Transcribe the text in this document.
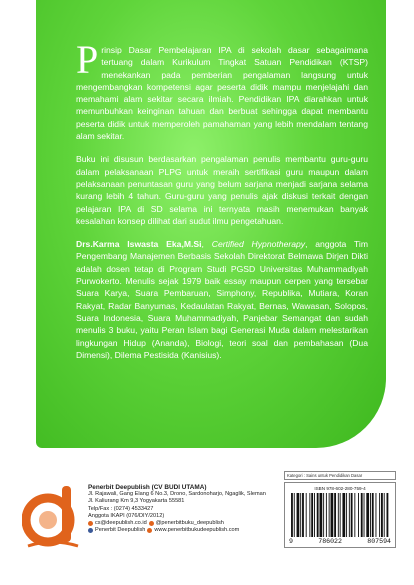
Prinsip Dasar Pembelajaran IPA di sekolah dasar sebagaimana tertuang dalam Kurikulum Tingkat Satuan Pendidikan (KTSP) menekankan pada pemberian pengalaman langsung untuk mengembangkan kompetensi agar peserta didik mampu menjelajahi dan memahami alam sekitar secara ilmiah. Pendidikan IPA diarahkan untuk memunbuhkan keinginan tahuan dan berbuat sehingga dapat membantu peserta didik untuk memperoleh pamahaman yang lebih mendalam tentang alam sekitar.

Buku ini disusun berdasarkan pengalaman penulis membantu guru-guru dalam pelaksanaan PLPG untuk meraih sertifikasi guru maupun dalam pelaksanaan penuntasan guru yang belum sarjana menjadi sarjana selama kurang lebih 4 tahun. Guru-guru yang penulis ajak diskusi terkait dengan pelajaran IPA di SD selama ini ternyata masih menemukan banyak kesalahan konsep dilihat dari sudut ilmu pengetahuan.

Drs.Karma Iswasta Eka,M.Si, Certified Hypnotherapy, anggota Tim Pengembang Manajemen Berbasis Sekolah Direktorat Belmawa Dirjen Dikti adalah dosen tetap di Program Studi PGSD Universitas Muhammadiyah Purwokerto. Menulis sejak 1979 baik essay maupun cerpen yang tersebar Suara Karya, Suara Pembaruan, Simphony, Republika, Mutiara, Koran Rakyat, Radar Banyumas, Kedaulatan Rakyat, Bernas, Wawasan, Solopos, Suara Indonesia, Suara Muhammadiyah, Panjebar Semangat dan sudah menulis 3 buku, yaitu Peran Islam bagi Generasi Muda dalam melestarikan lingkungan Hidup (Ananda), Biologi, teori soal dan pembahasan (Dua Dimensi), Dilema Pestisida (Kanisius).

Penerbit Deepublish (CV BUDI UTAMA)
Jl. Rajawali, Gang Elang 6 No.3, Drono, Sardonoharjo, Ngaglik, Sleman
Jl. Kaliurang Km 9,3 Yogyakarta 55581
Telp/Fax : (0274) 4533427
Anggota IKAPI (076/DIY/2012)
cs@deepublish.co.id @penerbitbuku_deepublish
Penerbit Deepublish www.penerbitbukudeepublish.com
Kategori : Sains untuk Pendidikan Dasar
ISBN 978-602-280-759-4
9	786022	807594
